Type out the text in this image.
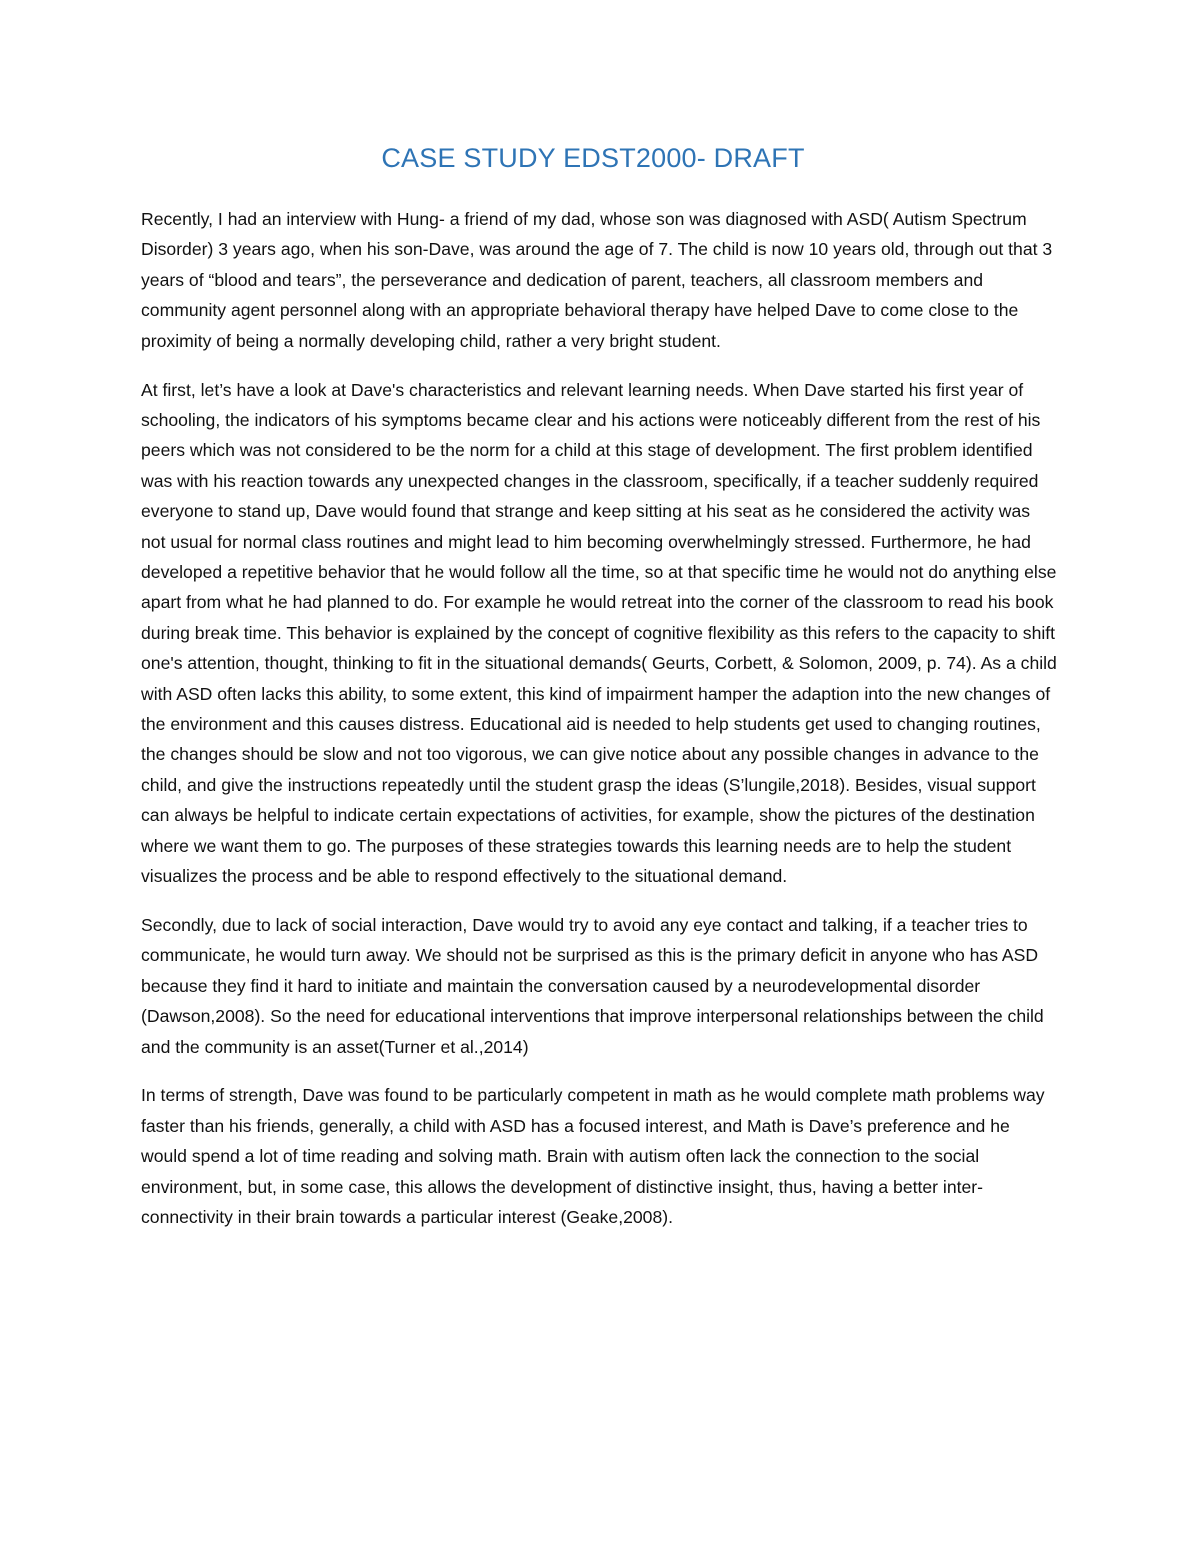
CASE STUDY EDST2000- DRAFT

Recently, I had an interview with Hung- a friend of my dad, whose son was diagnosed with ASD( Autism Spectrum Disorder) 3 years ago, when his son-Dave, was around the age of 7. The child is now 10 years old, through out that 3 years of “blood and tears”, the perseverance and dedication of parent, teachers, all classroom members and community agent personnel along with an appropriate behavioral therapy have helped Dave to come close to the proximity of being a normally developing child, rather a very bright student.

At first, let’s have a look at Dave's characteristics and relevant learning needs. When Dave started his first year of schooling, the indicators of his symptoms became clear and his actions were noticeably different from the rest of his peers which was not considered to be the norm for a child at this stage of development. The first problem identified was with his reaction towards any unexpected changes in the classroom, specifically, if a teacher suddenly required everyone to stand up, Dave would found that strange and keep sitting at his seat as he considered the activity was not usual for normal class routines and might lead to him becoming overwhelmingly stressed. Furthermore, he had developed a repetitive behavior that he would follow all the time, so at that specific time he would not do anything else apart from what he had planned to do. For example he would retreat into the corner of the classroom to read his book during break time. This behavior is explained by the concept of cognitive flexibility as this refers to the capacity to shift one's attention, thought, thinking to fit in the situational demands( Geurts, Corbett, & Solomon, 2009, p. 74). As a child with ASD often lacks this ability, to some extent, this kind of impairment hamper the adaption into the new changes of the environment and this causes distress. Educational aid is needed to help students get used to changing routines, the changes should be slow and not too vigorous, we can give notice about any possible changes in advance to the child, and give the instructions repeatedly until the student grasp the ideas (S’lungile,2018). Besides, visual support can always be helpful to indicate certain expectations of activities, for example, show the pictures of the destination where we want them to go. The purposes of these strategies towards this learning needs are to help the student visualizes the process and be able to respond effectively to the situational demand.

Secondly, due to lack of social interaction, Dave would try to avoid any eye contact and talking, if a teacher tries to communicate, he would turn away. We should not be surprised as this is the primary deficit in anyone who has ASD because they find it hard to initiate and maintain the conversation caused by a neurodevelopmental disorder (Dawson,2008). So the need for educational interventions that improve interpersonal relationships between the child and the community is an asset(Turner et al.,2014)

In terms of strength, Dave was found to be particularly competent in math as he would complete math problems way faster than his friends, generally, a child with ASD has a focused interest, and Math is Dave’s preference and he would spend a lot of time reading and solving math. Brain with autism often lack the connection to the social environment, but, in some case, this allows the development of distinctive insight, thus, having a better inter-connectivity in their brain towards a particular interest (Geake,2008).
